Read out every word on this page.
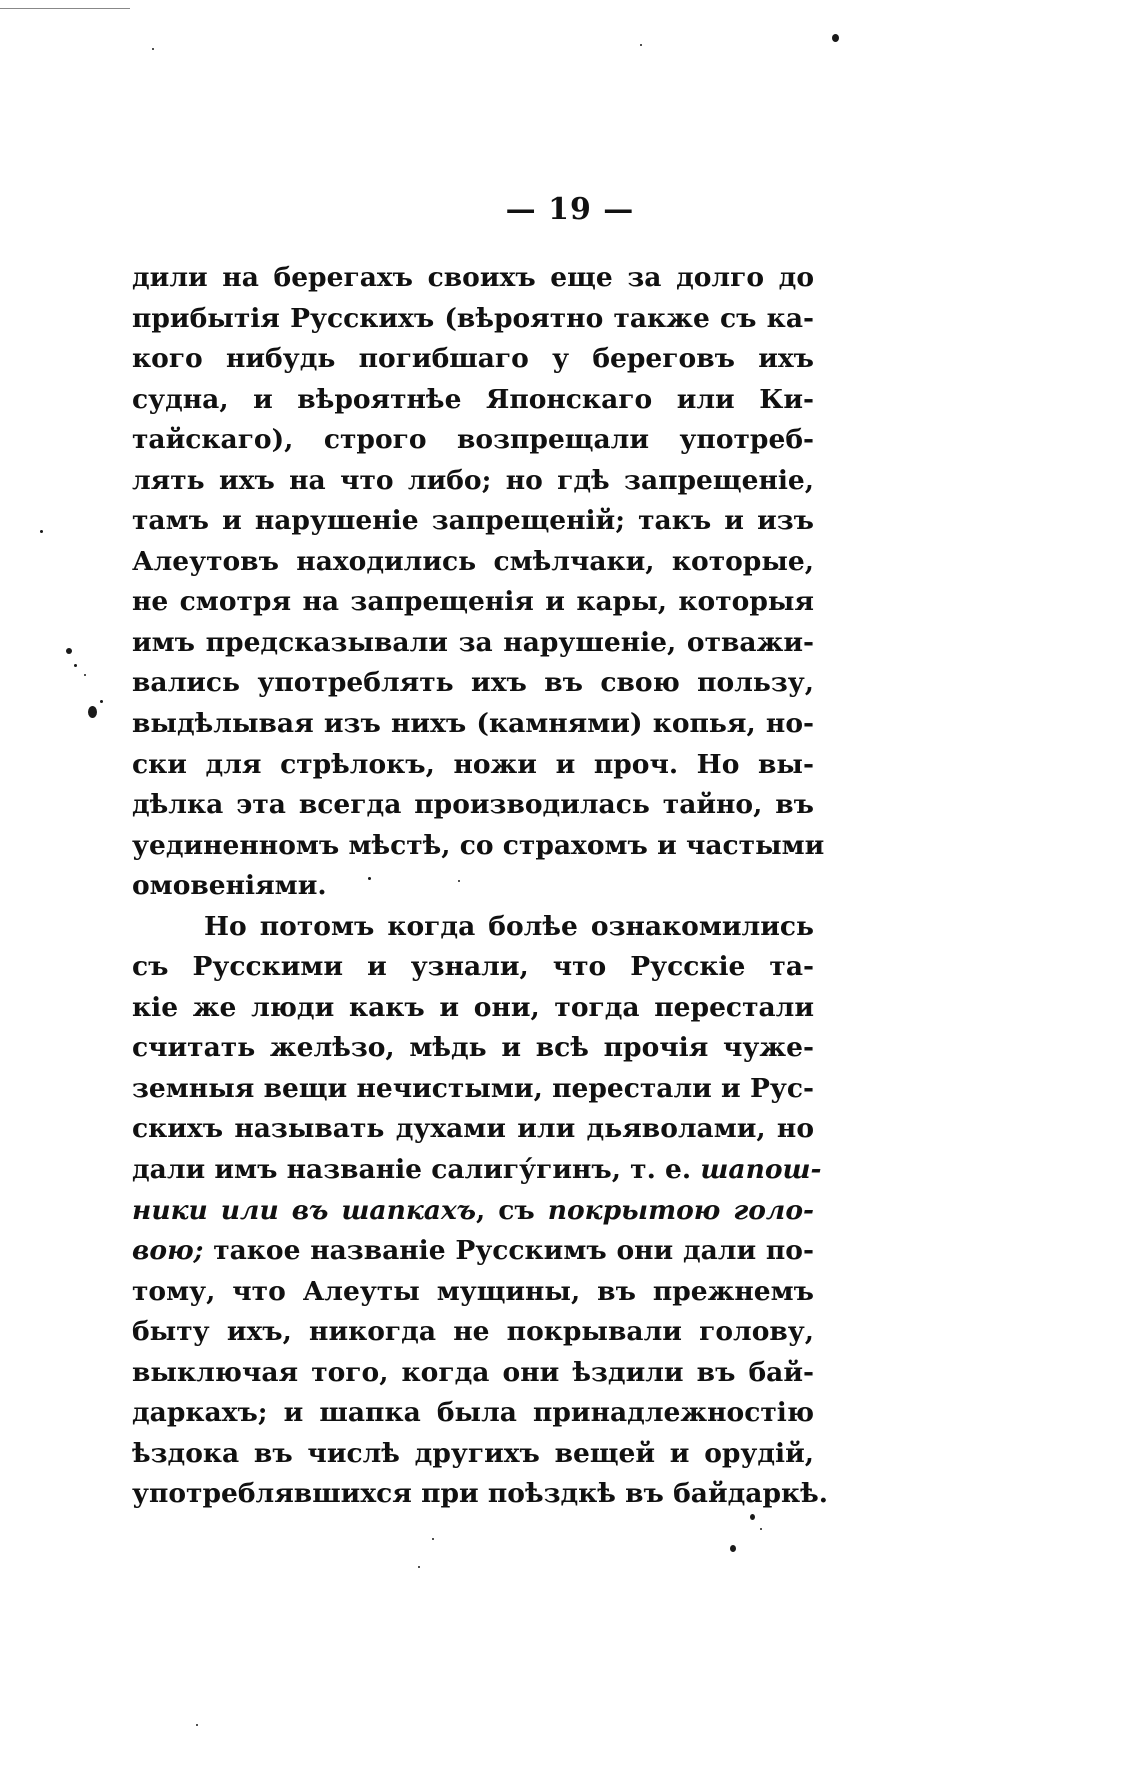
— 19 —
дили на берегахъ своихъ еще за долго до
прибытія Русскихъ (вѣроятно также съ ка-
кого нибудь погибшаго у береговъ ихъ
судна, и вѣроятнѣе Японскаго или Ки-
тайскаго), строго возпрещали употреб-
лять ихъ на что либо; но гдѣ запрещеніе,
тамъ и нарушеніе запрещеній; такъ и изъ
Алеутовъ находились смѣлчаки, которые,
не смотря на запрещенія и кары, которыя
имъ предсказывали за нарушеніе, отважи-
вались употреблять ихъ въ свою пользу,
выдѣлывая изъ нихъ (камнями) копья, но-
ски для стрѣлокъ, ножи и проч. Но вы-
дѣлка эта всегда производилась тайно, въ
уединенномъ мѣстѣ, со страхомъ и частыми
омовеніями.
Но потомъ когда болѣе ознакомились
съ Русскими и узнали, что Русскіе та-
кіе же люди какъ и они, тогда перестали
считать желѣзо, мѣдь и всѣ прочія чуже-
земныя вещи нечистыми, перестали и Рус-
скихъ называть духами или дьяволами, но
дали имъ названіе салигу́гинъ, т. е. шапош-
ники или въ шапкахъ, съ покрытою голо-
вою; такое названіе Русскимъ они дали по-
тому, что Алеуты мущины, въ прежнемъ
быту ихъ, никогда не покрывали голову,
выключая того, когда они ѣздили въ бай-
даркахъ; и шапка была принадлежностію
ѣздока въ числѣ другихъ вещей и орудій,
употреблявшихся при поѣздкѣ въ байдаркѣ.
